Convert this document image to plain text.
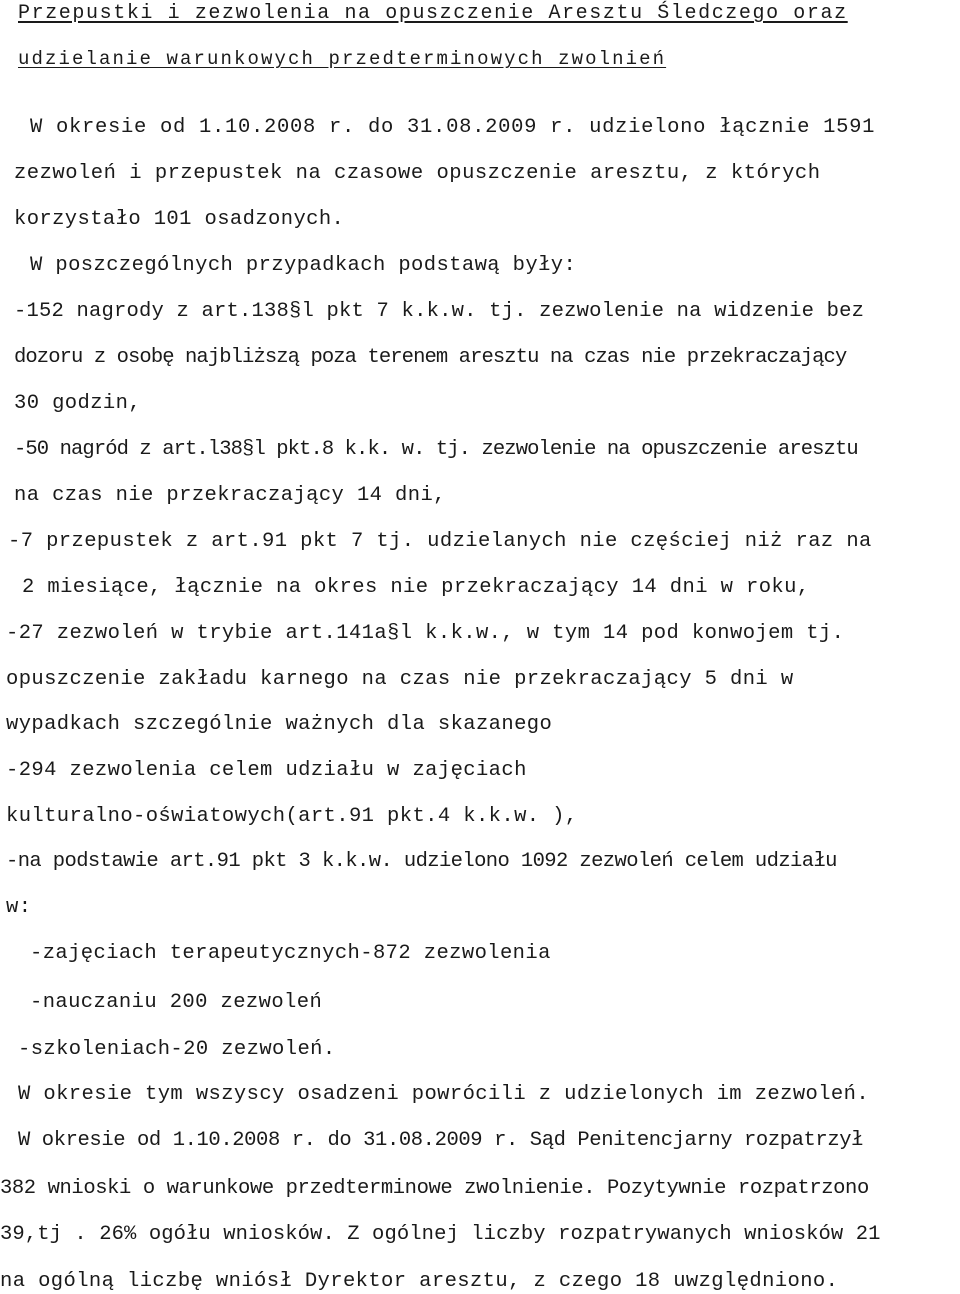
Przepustki i zezwolenia na opuszczenie Aresztu Śledczego oraz
udzielanie warunkowych przedterminowych zwolnień
W okresie od 1.10.2008 r. do 31.08.2009 r. udzielono łącznie 1591
zezwoleń i przepustek na czasowe opuszczenie aresztu, z których
korzystało 101 osadzonych.
W poszczególnych przypadkach podstawą były:
-152 nagrody z art.138§l pkt 7 k.k.w. tj. zezwolenie na widzenie bez
dozoru z osobę najbliższą poza terenem aresztu na czas nie przekraczający
30 godzin,
-50 nagród z art.l38§l pkt.8 k.k. w. tj. zezwolenie na opuszczenie aresztu
na czas nie przekraczający 14 dni,
-7 przepustek z art.91 pkt 7 tj. udzielanych nie częściej niż raz na
2 miesiące, łącznie na okres nie przekraczający 14 dni w roku,
-27 zezwoleń w trybie art.141a§l k.k.w., w tym 14 pod konwojem tj.
opuszczenie zakładu karnego na czas nie przekraczający 5 dni w
wypadkach szczególnie ważnych dla skazanego
-294 zezwolenia celem udziału w zajęciach
kulturalno-oświatowych(art.91 pkt.4 k.k.w. ),
-na podstawie art.91 pkt 3 k.k.w. udzielono 1092 zezwoleń celem udziału
w:
-zajęciach terapeutycznych-872 zezwolenia
-nauczaniu 200 zezwoleń
-szkoleniach-20 zezwoleń.
W okresie tym wszyscy osadzeni powrócili z udzielonych im zezwoleń.
W okresie od 1.10.2008 r. do 31.08.2009 r. Sąd Penitencjarny rozpatrzył
382 wnioski o warunkowe przedterminowe zwolnienie. Pozytywnie rozpatrzono
39,tj . 26% ogółu wniosków. Z ogólnej liczby rozpatrywanych wniosków 21
na ogólną liczbę wniósł Dyrektor aresztu, z czego 18 uwzględniono.
